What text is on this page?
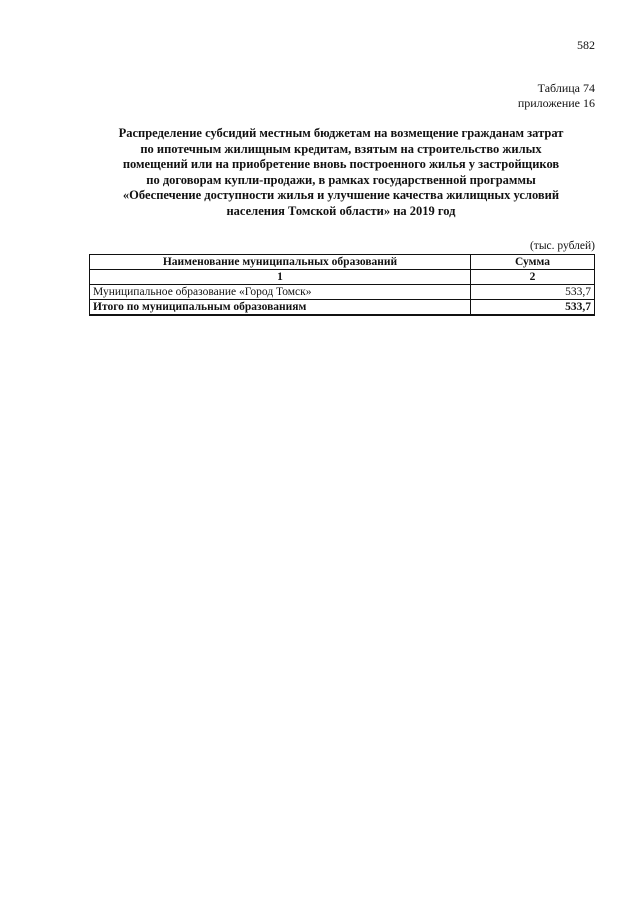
582
Таблица 74
приложение 16
Распределение субсидий местным бюджетам на возмещение гражданам затрат
по ипотечным жилищным кредитам, взятым на строительство жилых
помещений или на приобретение вновь построенного жилья у застройщиков
по договорам купли-продажи, в рамках государственной программы
«Обеспечение доступности жилья и улучшение качества жилищных условий
населения Томской области» на 2019 год
(тыс. рублей)
Наименование муниципальных образований	Сумма
1	2
Муниципальное образование «Город Томск»	533,7
Итого по муниципальным образованиям	533,7
